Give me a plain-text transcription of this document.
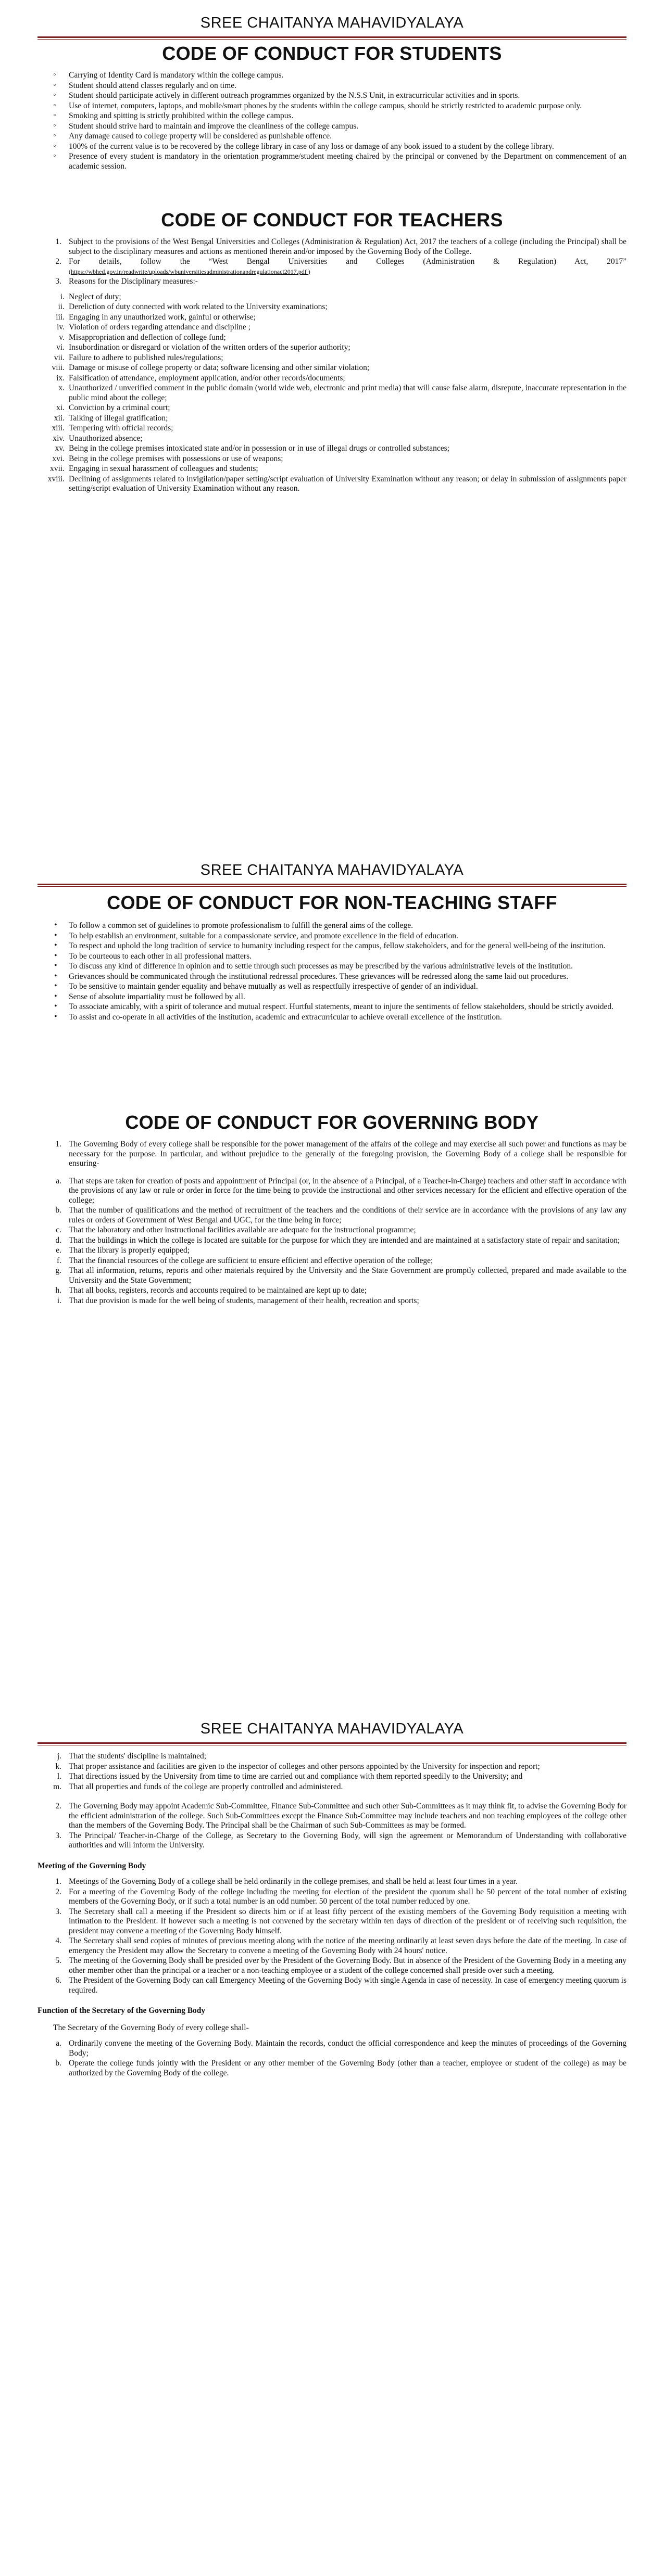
SREE CHAITANYA MAHAVIDYALAYA
CODE OF CONDUCT FOR STUDENTS
◦ Carrying of Identity Card is mandatory within the college campus.
◦ Student should attend classes regularly and on time.
◦ Student should participate actively in different outreach programmes organized by the N.S.S Unit, in extracurricular activities and in sports.
◦ Use of internet, computers, laptops, and mobile/smart phones by the students within the college campus, should be strictly restricted to academic purpose only.
◦ Smoking and spitting is strictly prohibited within the college campus.
◦ Student should strive hard to maintain and improve the cleanliness of the college campus.
◦ Any damage caused to college property will be considered as punishable offence.
◦ 100% of the current value is to be recovered by the college library in case of any loss or damage of any book issued to a student by the college library.
◦ Presence of every student is mandatory in the orientation programme/student meeting chaired by the principal or convened by the Department on commencement of an academic session.
CODE OF CONDUCT FOR TEACHERS
1. Subject to the provisions of the West Bengal Universities and Colleges (Administration & Regulation) Act, 2017 the teachers of a college (including the Principal) shall be subject to the disciplinary measures and actions as mentioned therein and/or imposed by the Governing Body of the College.
2. For details, follow the “West Bengal Universities and Colleges (Administration & Regulation) Act, 2017” (https://wbhed.gov.in/readwrite/uploads/wbuniversitiesadministrationandregulationact2017.pdf )
3. Reasons for the Disciplinary measures:-
i. Neglect of duty;
ii. Dereliction of duty connected with work related to the University examinations;
iii. Engaging in any unauthorized work, gainful or otherwise;
iv. Violation of orders regarding attendance and discipline ;
v. Misappropriation and deflection of college fund;
vi. Insubordination or disregard or violation of the written orders of the superior authority;
vii. Failure to adhere to published rules/regulations;
viii. Damage or misuse of college property or data; software licensing and other similar violation;
ix. Falsification of attendance, employment application, and/or other records/documents;
x. Unauthorized / unverified comment in the public domain (world wide web, electronic and print media) that will cause false alarm, disrepute, inaccurate representation in the public mind about the college;
xi. Conviction by a criminal court;
xii. Talking of illegal gratification;
xiii. Tempering with official records;
xiv. Unauthorized absence;
xv. Being in the college premises intoxicated state and/or in possession or in use of illegal drugs or controlled substances;
xvi. Being in the college premises with possessions or use of weapons;
xvii. Engaging in sexual harassment of colleagues and students;
xviii. Declining of assignments related to invigilation/paper setting/script evaluation of University Examination without any reason; or delay in submission of assignments paper setting/script evaluation of University Examination without any reason.
SREE CHAITANYA MAHAVIDYALAYA
CODE OF CONDUCT FOR NON-TEACHING STAFF
• To follow a common set of guidelines to promote professionalism to fulfill the general aims of the college.
• To help establish an environment, suitable for a compassionate service, and promote excellence in the field of education.
• To respect and uphold the long tradition of service to humanity including respect for the campus, fellow stakeholders, and for the general well-being of the institution.
• To be courteous to each other in all professional matters.
• To discuss any kind of difference in opinion and to settle through such processes as may be prescribed by the various administrative levels of the institution.
• Grievances should be communicated through the institutional redressal procedures. These grievances will be redressed along the same laid out procedures.
• To be sensitive to maintain gender equality and behave mutually as well as respectfully irrespective of gender of an individual.
• Sense of absolute impartiality must be followed by all.
• To associate amicably, with a spirit of tolerance and mutual respect. Hurtful statements, meant to injure the sentiments of fellow stakeholders, should be strictly avoided.
• To assist and co-operate in all activities of the institution, academic and extracurricular to achieve overall excellence of the institution.
CODE OF CONDUCT FOR GOVERNING BODY
1. The Governing Body of every college shall be responsible for the power management of the affairs of the college and may exercise all such power and functions as may be necessary for the purpose. In particular, and without prejudice to the generally of the foregoing provision, the Governing Body of a college shall be responsible for ensuring-
a. That steps are taken for creation of posts and appointment of Principal (or, in the absence of a Principal, of a Teacher-in-Charge) teachers and other staff in accordance with the provisions of any law or rule or order in force for the time being to provide the instructional and other services necessary for the efficient and effective operation of the college;
b. That the number of qualifications and the method of recruitment of the teachers and the conditions of their service are in accordance with the provisions of any law any rules or orders of Government of West Bengal and UGC, for the time being in force;
c. That the laboratory and other instructional facilities available are adequate for the instructional programme;
d. That the buildings in which the college is located are suitable for the purpose for which they are intended and are maintained at a satisfactory state of repair and sanitation;
e. That the library is properly equipped;
f. That the financial resources of the college are sufficient to ensure efficient and effective operation of the college;
g. That all information, returns, reports and other materials required by the University and the State Government are promptly collected, prepared and made available to the University and the State Government;
h. That all books, registers, records and accounts required to be maintained are kept up to date;
i. That due provision is made for the well being of students, management of their health, recreation and sports;
SREE CHAITANYA MAHAVIDYALAYA
j. That the students' discipline is maintained;
k. That proper assistance and facilities are given to the inspector of colleges and other persons appointed by the University for inspection and report;
l. That directions issued by the University from time to time are carried out and compliance with them reported speedily to the University; and
m. That all properties and funds of the college are properly controlled and administered.
2. The Governing Body may appoint Academic Sub-Committee, Finance Sub-Committee and such other Sub-Committees as it may think fit, to advise the Governing Body for the efficient administration of the college. Such Sub-Committees except the Finance Sub-Committee may include teachers and non teaching employees of the college other than the members of the Governing Body. The Principal shall be the Chairman of such Sub-Committees as may be formed.
3. The Principal/ Teacher-in-Charge of the College, as Secretary to the Governing Body, will sign the agreement or Memorandum of Understanding with collaborative authorities and will inform the University.
Meeting of the Governing Body
1. Meetings of the Governing Body of a college shall be held ordinarily in the college premises, and shall be held at least four times in a year.
2. For a meeting of the Governing Body of the college including the meeting for election of the president the quorum shall be 50 percent of the total number of existing members of the Governing Body, or if such a total number is an odd number. 50 percent of the total number reduced by one.
3. The Secretary shall call a meeting if the President so directs him or if at least fifty percent of the existing members of the Governing Body requisition a meeting with intimation to the President. If however such a meeting is not convened by the secretary within ten days of direction of the president or of receiving such requisition, the president may convene a meeting of the Governing Body himself.
4. The Secretary shall send copies of minutes of previous meeting along with the notice of the meeting ordinarily at least seven days before the date of the meeting. In case of emergency the President may allow the Secretary to convene a meeting of the Governing Body with 24 hours' notice.
5. The meeting of the Governing Body shall be presided over by the President of the Governing Body. But in absence of the President of the Governing Body in a meeting any other member other than the principal or a teacher or a non-teaching employee or a student of the college concerned shall preside over such a meeting.
6. The President of the Governing Body can call Emergency Meeting of the Governing Body with single Agenda in case of necessity. In case of emergency meeting quorum is required.
Function of the Secretary of the Governing Body
The Secretary of the Governing Body of every college shall-
a. Ordinarily convene the meeting of the Governing Body. Maintain the records, conduct the official correspondence and keep the minutes of proceedings of the Governing Body;
b. Operate the college funds jointly with the President or any other member of the Governing Body (other than a teacher, employee or student of the college) as may be authorized by the Governing Body of the college.
